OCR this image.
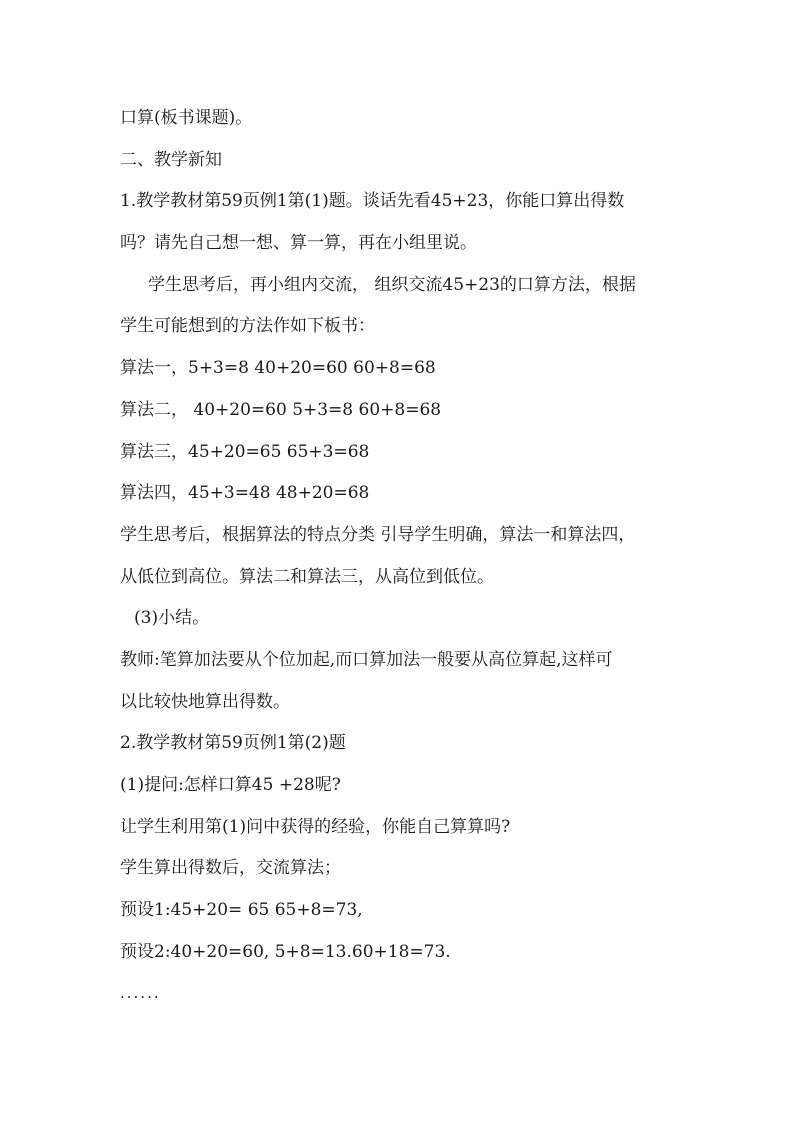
口算(板书课题)。
二、教学新知
1.教学教材第59页例1第(1)题。谈话先看45+23，你能口算出得数
吗？请先自己想一想、算一算，再在小组里说。
学生思考后，再小组内交流， 组织交流45+23的口算方法，根据
学生可能想到的方法作如下板书：
算法一，5+3=8 40+20=60 60+8=68
算法二， 40+20=60 5+3=8 60+8=68
算法三，45+20=65 65+3=68
算法四，45+3=48 48+20=68
学生思考后，根据算法的特点分类 引导学生明确，算法一和算法四，
从低位到高位。算法二和算法三，从高位到低位。
(3)小结。
教师:笔算加法要从个位加起,而口算加法一般要从高位算起,这样可
以比较快地算出得数。
2.教学教材第59页例1第(2)题
(1)提问:怎样口算45 +28呢?
让学生利用第(1)问中获得的经验，你能自己算算吗?
学生算出得数后，交流算法；
预设1:45+20= 65 65+8=73,
预设2:40+20=60, 5+8=13.60+18=73.
......
